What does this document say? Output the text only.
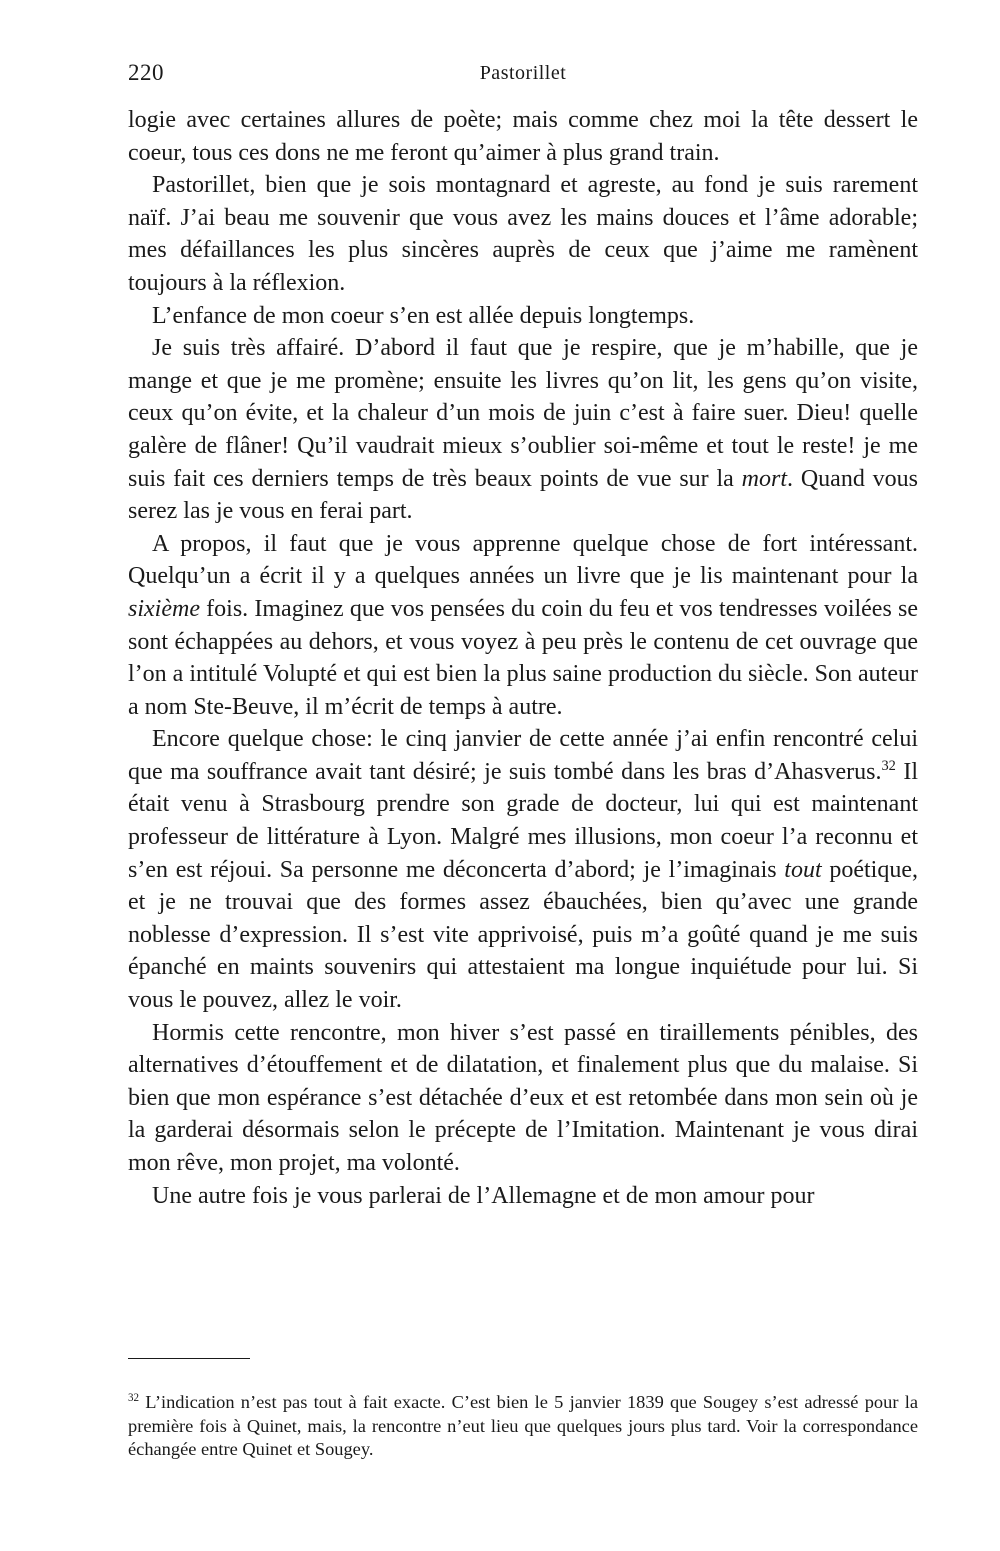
220	Pastorillet

logie avec certaines allures de poète; mais comme chez moi la tête dessert le coeur, tous ces dons ne me feront qu’aimer à plus grand train.

Pastorillet, bien que je sois montagnard et agreste, au fond je suis rarement naïf. J’ai beau me souvenir que vous avez les mains douces et l’âme adorable; mes défaillances les plus sincères auprès de ceux que j’aime me ramènent toujours à la réflexion.

L’enfance de mon coeur s’en est allée depuis longtemps.

Je suis très affairé. D’abord il faut que je respire, que je m’habille, que je mange et que je me promène; ensuite les livres qu’on lit, les gens qu’on visite, ceux qu’on évite, et la chaleur d’un mois de juin c’est à faire suer. Dieu! quelle galère de flâner! Qu’il vaudrait mieux s’oublier soi-même et tout le reste! je me suis fait ces derniers temps de très beaux points de vue sur la mort. Quand vous serez las je vous en ferai part.

A propos, il faut que je vous apprenne quelque chose de fort intéressant. Quelqu’un a écrit il y a quelques années un livre que je lis maintenant pour la sixième fois. Imaginez que vos pensées du coin du feu et vos tendresses voilées se sont échappées au dehors, et vous voyez à peu près le contenu de cet ouvrage que l’on a intitulé Volupté et qui est bien la plus saine production du siècle. Son auteur a nom Ste-Beuve, il m’écrit de temps à autre.

Encore quelque chose: le cinq janvier de cette année j’ai enfin rencontré celui que ma souffrance avait tant désiré; je suis tombé dans les bras d’Ahasverus.$^{32}$ Il était venu à Strasbourg prendre son grade de docteur, lui qui est maintenant professeur de littérature à Lyon. Malgré mes illusions, mon coeur l’a reconnu et s’en est réjoui. Sa personne me déconcerta d’abord; je l’imaginais tout poétique, et je ne trouvai que des formes assez ébauchées, bien qu’avec une grande noblesse d’expression. Il s’est vite apprivoisé, puis m’a goûté quand je me suis épanché en maints souvenirs qui attestaient ma longue inquiétude pour lui. Si vous le pouvez, allez le voir.

Hormis cette rencontre, mon hiver s’est passé en tiraillements pénibles, des alternatives d’étouffement et de dilatation, et finalement plus que du malaise. Si bien que mon espérance s’est détachée d’eux et est retombée dans mon sein où je la garderai désormais selon le précepte de l’Imitation. Maintenant je vous dirai mon rêve, mon projet, ma volonté.

Une autre fois je vous parlerai de l’Allemagne et de mon amour pour

$^{32}$ L’indication n’est pas tout à fait exacte. C’est bien le 5 janvier 1839 que Sougey s’est adressé pour la première fois à Quinet, mais, la rencontre n’eut lieu que quelques jours plus tard. Voir la correspondance échangée entre Quinet et Sougey.
